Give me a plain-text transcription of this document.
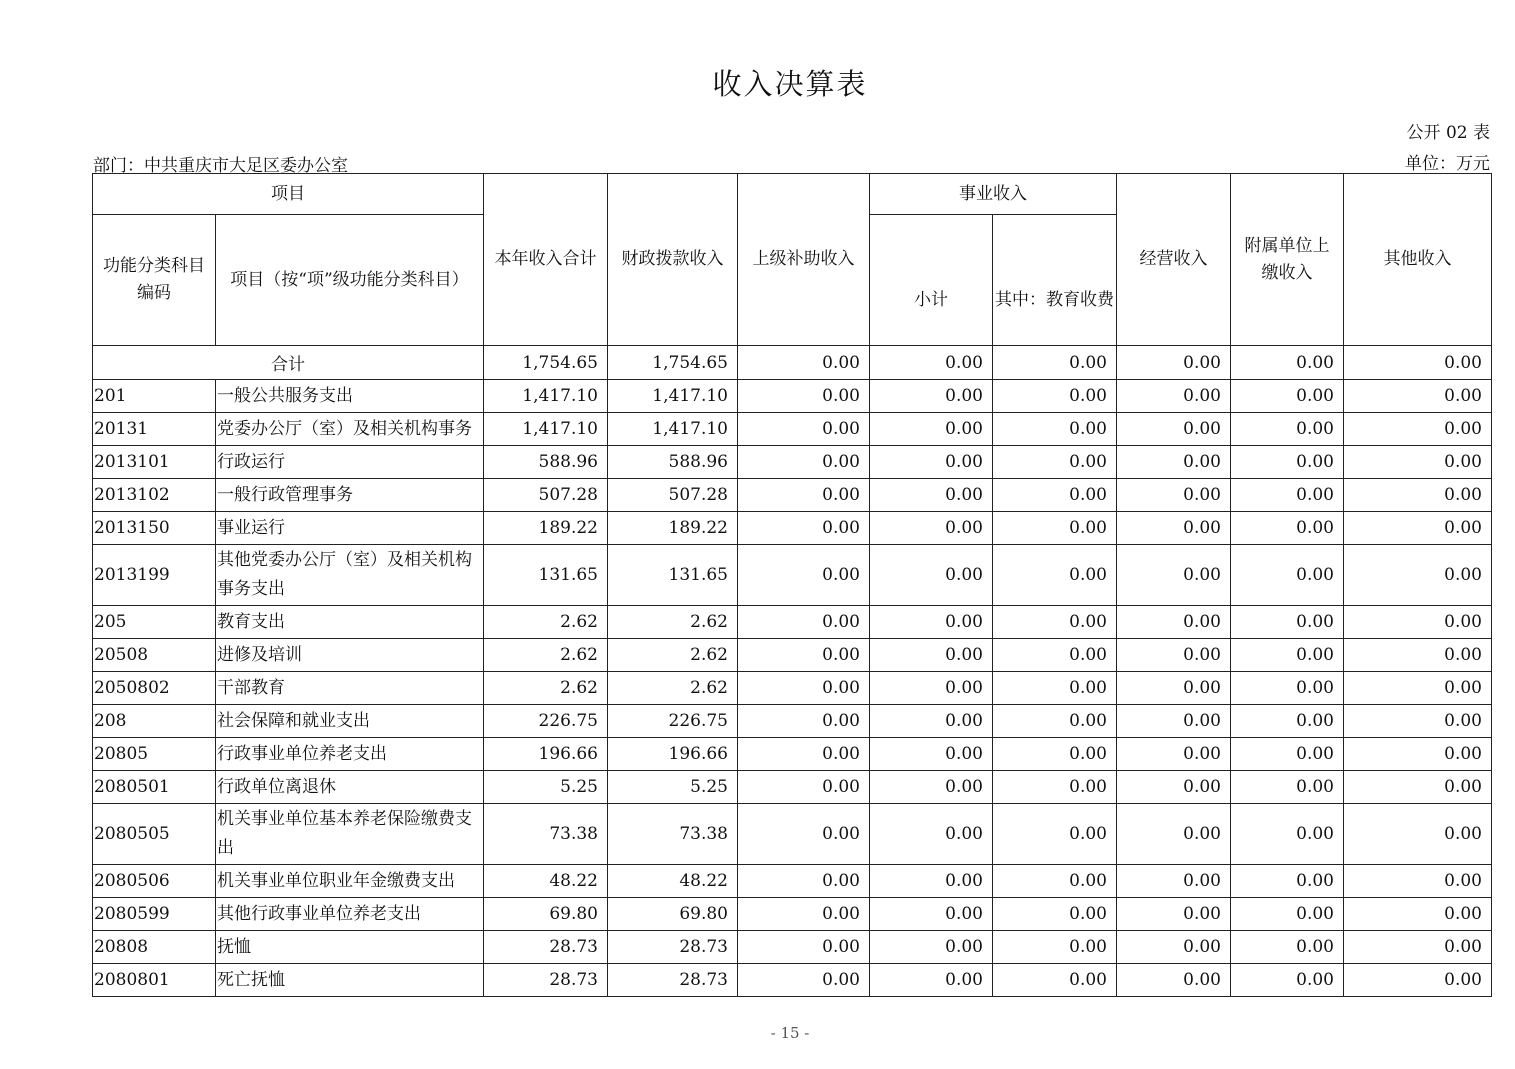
收入决算表
公开 02 表
部门：中共重庆市大足区委办公室	单位：万元
项目		本年收入合计	财政拨款收入	上级补助收入	事业收入		经营收入	附属单位上缴收入	其他收入
功能分类科目编码	项目（按“项”级功能分类科目）				小计	其中：教育收费			
合计		1,754.65	1,754.65	0.00	0.00	0.00	0.00	0.00	0.00
201	一般公共服务支出	1,417.10	1,417.10	0.00	0.00	0.00	0.00	0.00	0.00
20131	党委办公厅（室）及相关机构事务	1,417.10	1,417.10	0.00	0.00	0.00	0.00	0.00	0.00
2013101	行政运行	588.96	588.96	0.00	0.00	0.00	0.00	0.00	0.00
2013102	一般行政管理事务	507.28	507.28	0.00	0.00	0.00	0.00	0.00	0.00
2013150	事业运行	189.22	189.22	0.00	0.00	0.00	0.00	0.00	0.00
2013199	其他党委办公厅（室）及相关机构事务支出	131.65	131.65	0.00	0.00	0.00	0.00	0.00	0.00
205	教育支出	2.62	2.62	0.00	0.00	0.00	0.00	0.00	0.00
20508	进修及培训	2.62	2.62	0.00	0.00	0.00	0.00	0.00	0.00
2050802	干部教育	2.62	2.62	0.00	0.00	0.00	0.00	0.00	0.00
208	社会保障和就业支出	226.75	226.75	0.00	0.00	0.00	0.00	0.00	0.00
20805	行政事业单位养老支出	196.66	196.66	0.00	0.00	0.00	0.00	0.00	0.00
2080501	行政单位离退休	5.25	5.25	0.00	0.00	0.00	0.00	0.00	0.00
2080505	机关事业单位基本养老保险缴费支出	73.38	73.38	0.00	0.00	0.00	0.00	0.00	0.00
2080506	机关事业单位职业年金缴费支出	48.22	48.22	0.00	0.00	0.00	0.00	0.00	0.00
2080599	其他行政事业单位养老支出	69.80	69.80	0.00	0.00	0.00	0.00	0.00	0.00
20808	抚恤	28.73	28.73	0.00	0.00	0.00	0.00	0.00	0.00
2080801	死亡抚恤	28.73	28.73	0.00	0.00	0.00	0.00	0.00	0.00
- 15 -
